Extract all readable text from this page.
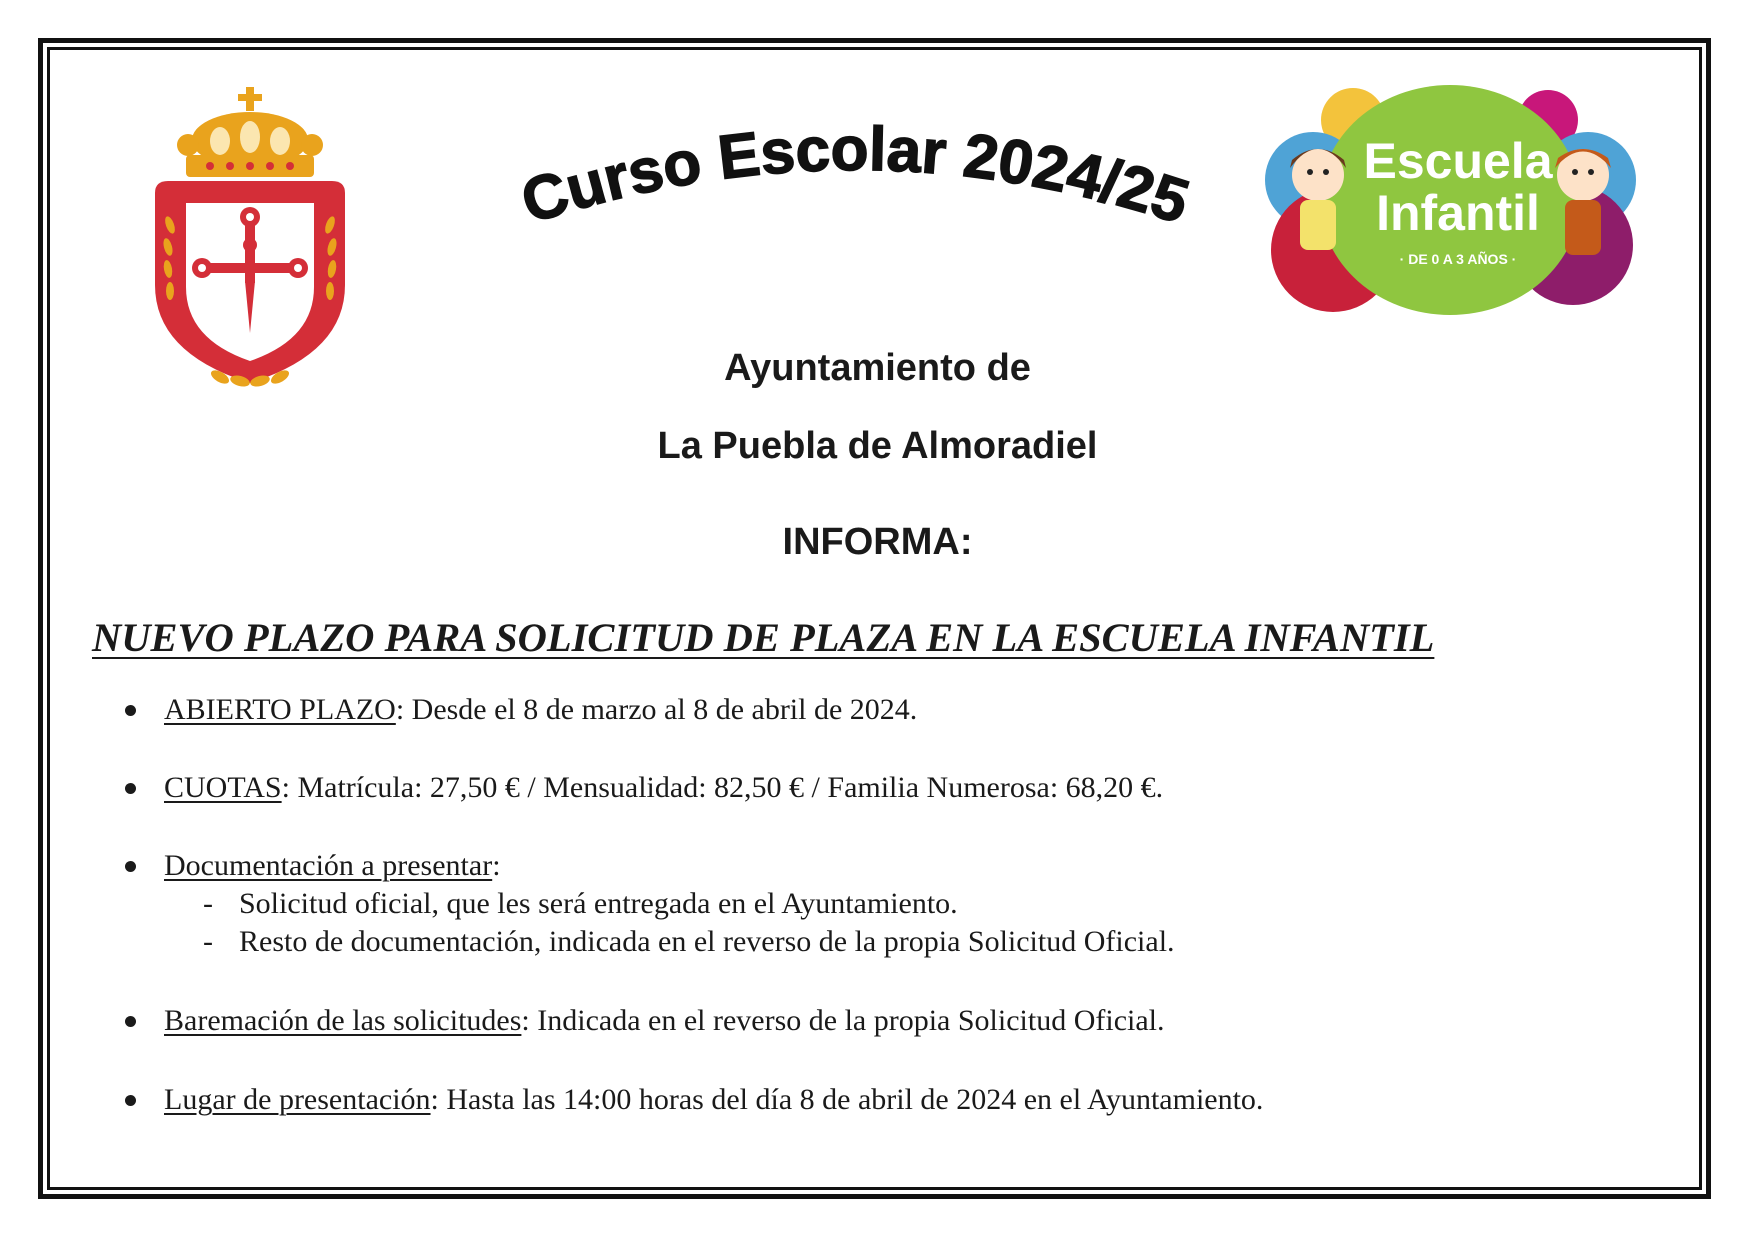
Curso Escolar 2024/25
Escuela
Infantil
· DE 0 A 3 AÑOS ·
Ayuntamiento de
La Puebla de Almoradiel
INFORMA:
NUEVO PLAZO PARA SOLICITUD DE PLAZA EN LA ESCUELA INFANTIL
ABIERTO PLAZO: Desde el 8 de marzo al 8 de abril de 2024.
CUOTAS: Matrícula: 27,50 € / Mensualidad: 82,50 € / Familia Numerosa: 68,20 €.
Documentación a presentar:
- Solicitud oficial, que les será entregada en el Ayuntamiento.
- Resto de documentación, indicada en el reverso de la propia Solicitud Oficial.
Baremación de las solicitudes: Indicada en el reverso de la propia Solicitud Oficial.
Lugar de presentación: Hasta las 14:00 horas del día 8 de abril de 2024 en el Ayuntamiento.
